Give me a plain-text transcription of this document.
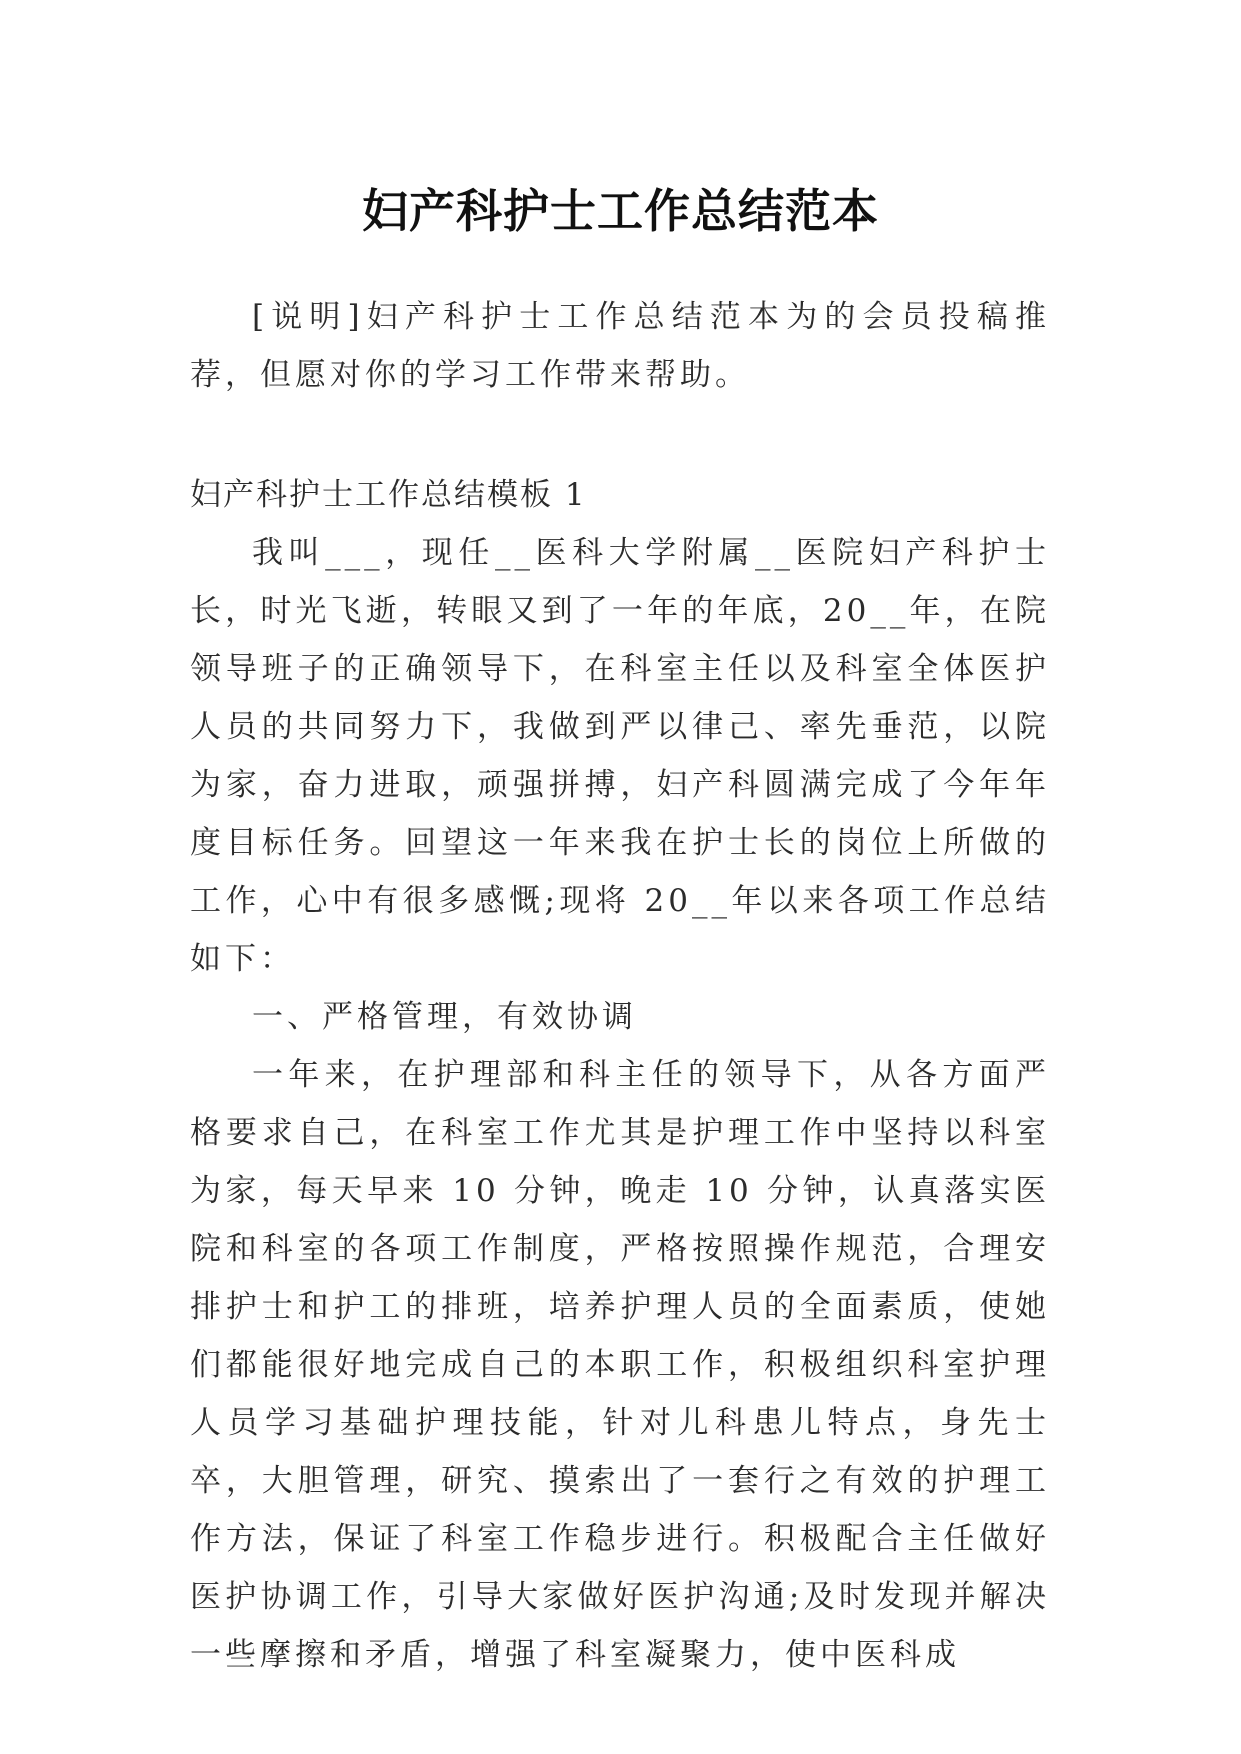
妇产科护士工作总结范本

[说明]妇产科护士工作总结范本为的会员投稿推荐，但愿对你的学习工作带来帮助。

妇产科护士工作总结模板 1

我叫___，现任__医科大学附属__医院妇产科护士长，时光飞逝，转眼又到了一年的年底，20__年，在院领导班子的正确领导下，在科室主任以及科室全体医护人员的共同努力下，我做到严以律己、率先垂范，以院为家，奋力进取，顽强拼搏，妇产科圆满完成了今年年度目标任务。回望这一年来我在护士长的岗位上所做的工作，心中有很多感慨;现将 20__年以来各项工作总结如下：

一、严格管理，有效协调

一年来，在护理部和科主任的领导下，从各方面严格要求自己，在科室工作尤其是护理工作中坚持以科室为家，每天早来 10 分钟，晚走 10 分钟，认真落实医院和科室的各项工作制度，严格按照操作规范，合理安排护士和护工的排班，培养护理人员的全面素质，使她们都能很好地完成自己的本职工作，积极组织科室护理人员学习基础护理技能，针对儿科患儿特点，身先士卒，大胆管理，研究、摸索出了一套行之有效的护理工作方法，保证了科室工作稳步进行。积极配合主任做好医护协调工作，引导大家做好医护沟通;及时发现并解决一些摩擦和矛盾，增强了科室凝聚力，使中医科成
